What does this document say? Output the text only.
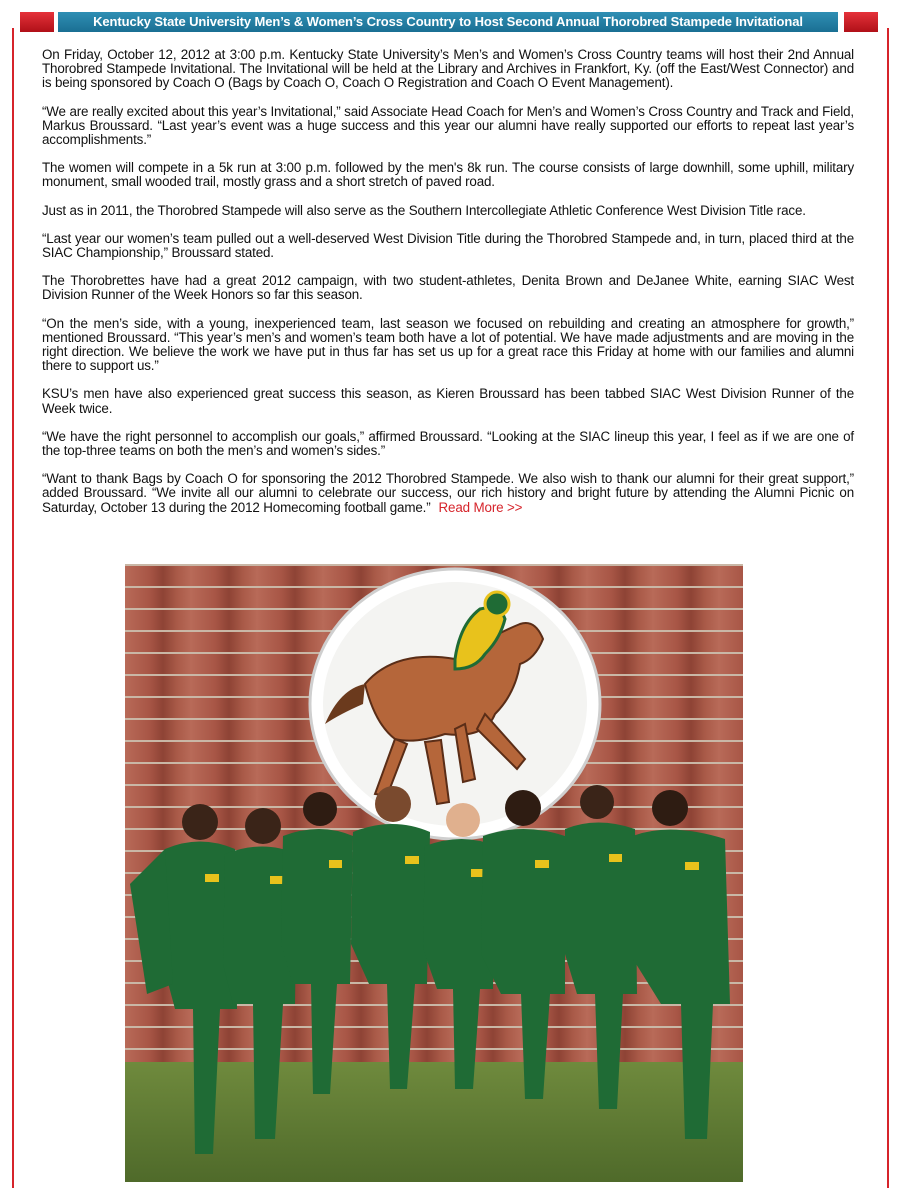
Kentucky State University Men’s & Women’s Cross Country to Host Second Annual Thorobred Stampede Invitational

On Friday, October 12, 2012 at 3:00 p.m. Kentucky State University’s Men’s and Women’s Cross Country teams will host their 2nd Annual Thorobred Stampede Invitational. The Invitational will be held at the Library and Archives in Frankfort, Ky. (off the East/West Connector) and is being sponsored by Coach O (Bags by Coach O, Coach O Registration and Coach O Event Management).

“We are really excited about this year’s Invitational,” said Associate Head Coach for Men’s and Women’s Cross Country and Track and Field, Markus Broussard. “Last year’s event was a huge success and this year our alumni have really supported our efforts to repeat last year’s accomplishments.”

The women will compete in a 5k run at 3:00 p.m. followed by the men's 8k run. The course consists of large downhill, some uphill, military monument, small wooded trail, mostly grass and a short stretch of paved road.

Just as in 2011, the Thorobred Stampede will also serve as the Southern Intercollegiate Athletic Conference West Division Title race.

“Last year our women’s team pulled out a well-deserved West Division Title during the Thorobred Stampede and, in turn, placed third at the SIAC Championship,” Broussard stated.

The Thorobrettes have had a great 2012 campaign, with two student-athletes, Denita Brown and DeJanee White, earning SIAC West Division Runner of the Week Honors so far this season.

“On the men’s side, with a young, inexperienced team, last season we focused on rebuilding and creating an atmosphere for growth,” mentioned Broussard. “This year’s men’s and women’s team both have a lot of potential. We have made adjustments and are moving in the right direction. We believe the work we have put in thus far has set us up for a great race this Friday at home with our families and alumni there to support us.”

KSU’s men have also experienced great success this season, as Kieren Broussard has been tabbed SIAC West Division Runner of the Week twice.

“We have the right personnel to accomplish our goals,” affirmed Broussard. “Looking at the SIAC lineup this year, I feel as if we are one of the top-three teams on both the men’s and women’s sides.”

“Want to thank Bags by Coach O for sponsoring the 2012 Thorobred Stampede. We also wish to thank our alumni for their great support,” added Broussard. “We invite all our alumni to celebrate our success, our rich history and bright future by attending the Alumni Picnic on Saturday, October 13 during the 2012 Homecoming football game.” Read More >>
